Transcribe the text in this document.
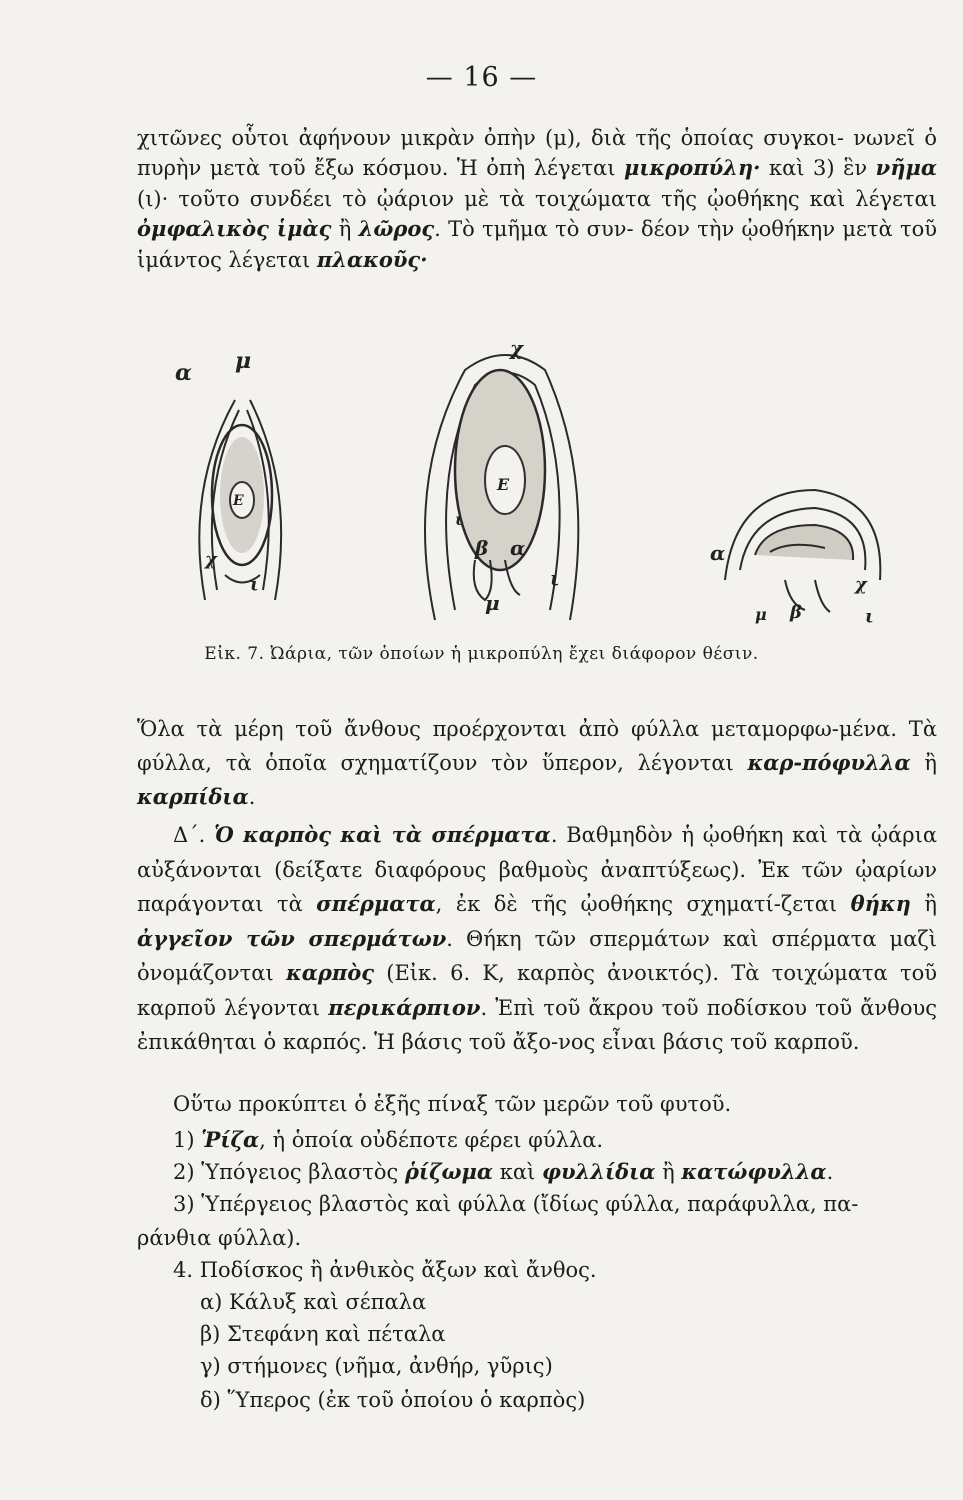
— 16 —
χιτῶνες οὗτοι ἀφήνουν μικρὰν ὀπὴν (μ), διὰ τῆς ὁποίας συγκοι- νωνεῖ ὁ πυρὴν μετὰ τοῦ ἔξω κόσμου. Ἡ ὀπὴ λέγεται μικροπύλη· καὶ 3) ἓν νῆμα (ι)· τοῦτο συνδέει τὸ ᾠάριον μὲ τὰ τοιχώματα τῆς ᾠοθήκης καὶ λέγεται ὀμφαλικὸς ἱμὰς ἢ λῶρος. Τὸ τμῆμα τὸ συν- δέον τὴν ᾠοθήκην μετὰ τοῦ ἱμάντος λέγεται πλακοῦς·
α μ
Ε
χ
ι
χ
Ε
ι
β α
ι
μ
α
χ
μ β	ι
Εἰκ. 7. Ὠάρια, τῶν ὁποίων ἡ μικροπύλη ἔχει διάφορον θέσιν.
Ὅλα τὰ μέρη τοῦ ἄνθους προέρχονται ἀπὸ φύλλα μεταμορφω-μένα. Τὰ φύλλα, τὰ ὁποῖα σχηματίζουν τὸν ὕπερον, λέγονται καρ-πόφυλλα ἢ καρπίδια.
Δ΄. Ὁ καρπὸς καὶ τὰ σπέρματα. Βαθμηδὸν ἡ ᾠοθήκη καὶ τὰ ᾠάρια αὐξάνονται (δείξατε διαφόρους βαθμοὺς ἀναπτύξεως). Ἐκ τῶν ᾠαρίων παράγονται τὰ σπέρματα, ἐκ δὲ τῆς ᾠοθήκης σχηματί-ζεται θήκη ἢ ἀγγεῖον τῶν σπερμάτων. Θήκη τῶν σπερμάτων καὶ σπέρματα μαζὶ ὀνομάζονται καρπὸς (Εἰκ. 6. Κ, καρπὸς ἀνοικτός). Τὰ τοιχώματα τοῦ καρποῦ λέγονται περικάρπιον. Ἐπὶ τοῦ ἄκρου τοῦ ποδίσκου τοῦ ἄνθους ἐπικάθηται ὁ καρπός. Ἡ βάσις τοῦ ἄξο-νος εἶναι βάσις τοῦ καρποῦ.
Οὕτω προκύπτει ὁ ἑξῆς πίναξ τῶν μερῶν τοῦ φυτοῦ.
1) Ῥίζα, ἡ ὁποία οὐδέποτε φέρει φύλλα.
2) Ὑπόγειος βλαστὸς ῥίζωμα καὶ φυλλίδια ἢ κατώφυλλα.
3) Ὑπέργειος βλαστὸς καὶ φύλλα (ἴδίως φύλλα, παράφυλλα, πα-
ράνθια φύλλα).
4. Ποδίσκος ἢ ἀνθικὸς ἄξων καὶ ἄνθος.
α) Κάλυξ καὶ σέπαλα
β) Στεφάνη καὶ πέταλα
γ) στήμονες (νῆμα, ἀνθήρ, γῦρις)
δ) Ὕπερος (ἐκ τοῦ ὁποίου ὁ καρπὸς)
